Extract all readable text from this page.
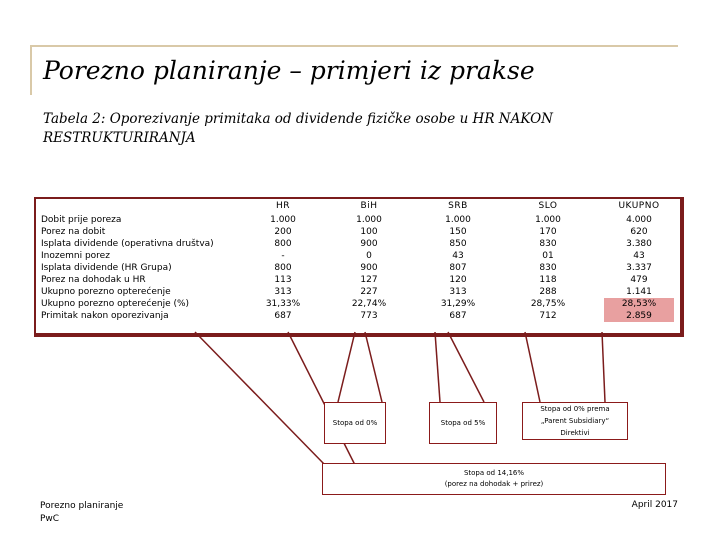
Porezno planiranje – primjeri iz prakse
Tabela 2: Oporezivanje primitaka od dividende fizičke osobe u HR NAKON RESTRUKTURIRANJA
Dobit prije poreza
Porez na dobit
Isplata dividende (operativna društva)
Inozemni porez
Isplata dividende (HR Grupa)
Porez na dohodak u HR
Ukupno porezno opterećenje
Ukupno porezno opterećenje (%)
Primitak nakon oporezivanja
HR
1.000
200
800
-
800
113
313
31,33%
687
BiH
1.000
100
900
0
900
127
227
22,74%
773
SRB
1.000
150
850
43
807
120
313
31,29%
687
SLO
1.000
170
830
01
830
118
288
28,75%
712
UKUPNO
4.000
620
3.380
43
3.337
479
1.141
28,53%
2.859
Stopa od 0%	Stopa od 5%
Stopa od 0% prema „Parent Subsidiary“ Direktivi
Stopa od 14,16%
(porez na dohodak + prirez)
Porezno planiranje
PwC
April 2017
